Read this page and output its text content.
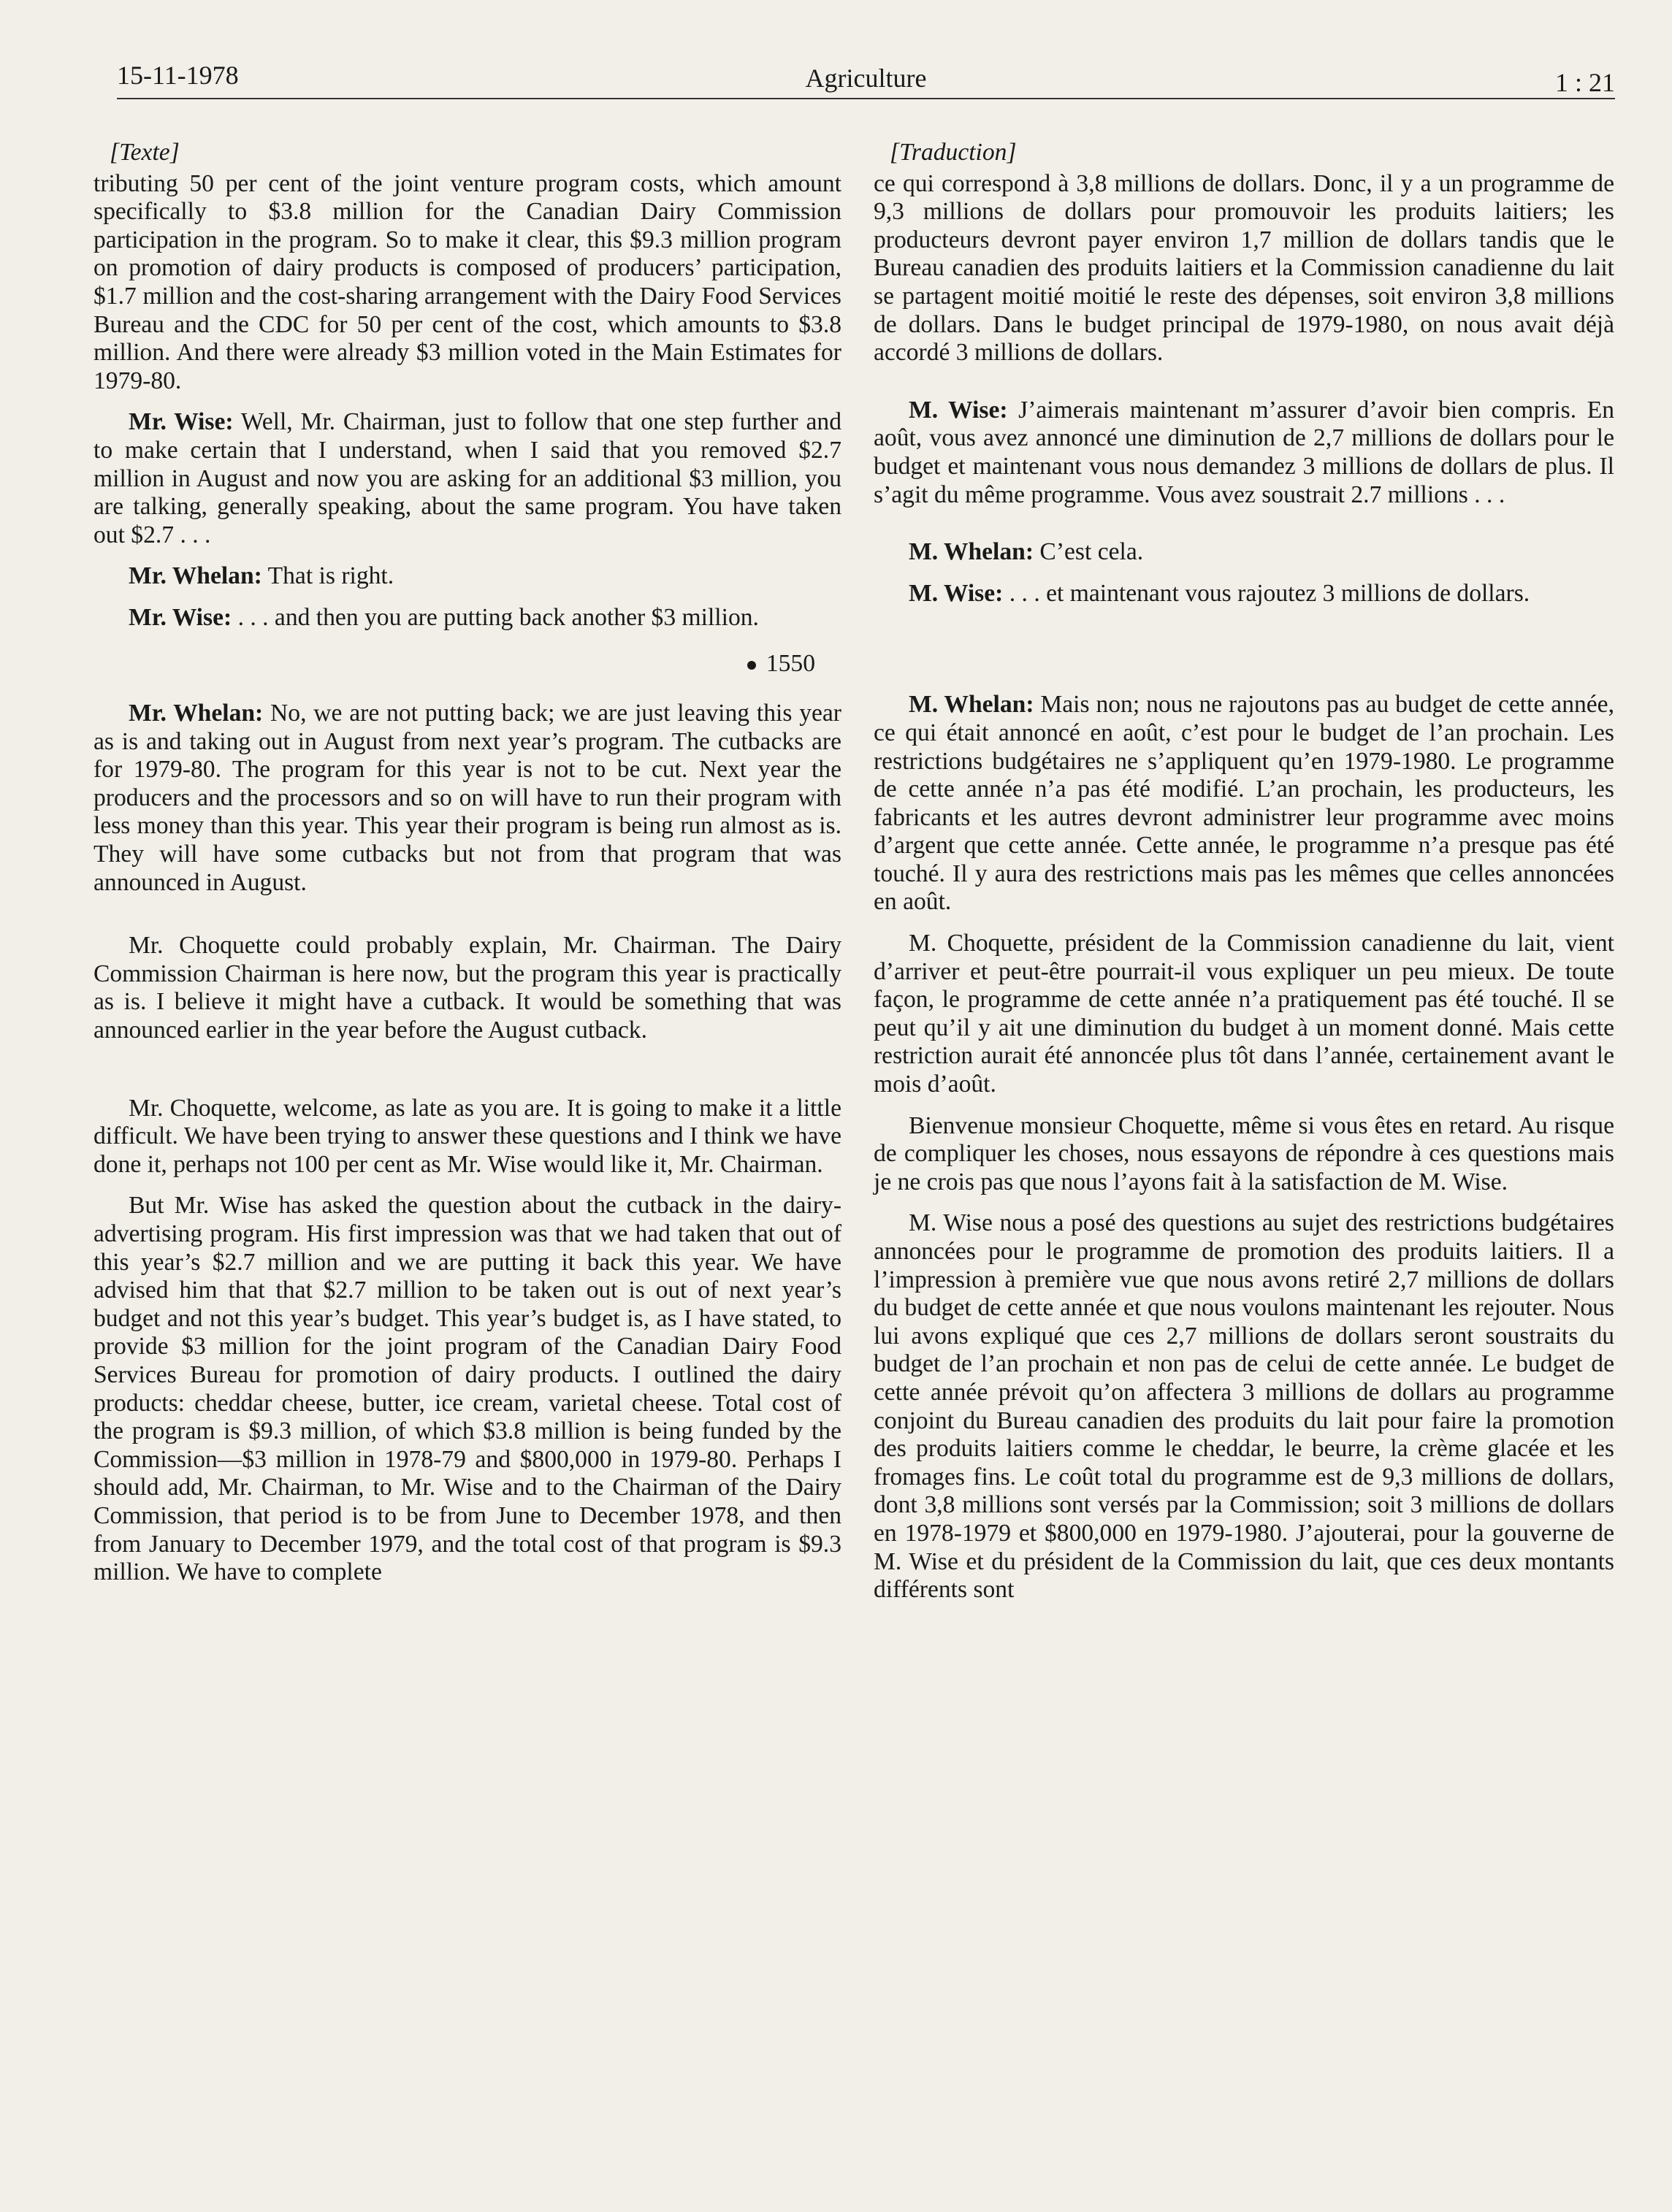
15-11-1978	Agriculture	1 : 21
[Texte]

tributing 50 per cent of the joint venture program costs, which amount specifically to $3.8 million for the Canadian Dairy Commission participation in the program. So to make it clear, this $9.3 million program on promotion of dairy products is composed of producers’ participation, $1.7 million and the cost-sharing arrangement with the Dairy Food Services Bureau and the CDC for 50 per cent of the cost, which amounts to $3.8 million. And there were already $3 million voted in the Main Estimates for 1979-80.

Mr. Wise: Well, Mr. Chairman, just to follow that one step further and to make certain that I understand, when I said that you removed $2.7 million in August and now you are asking for an additional $3 million, you are talking, generally speaking, about the same program. You have taken out $2.7 . . .

Mr. Whelan: That is right.

Mr. Wise: . . . and then you are putting back another $3 million.

1550

Mr. Whelan: No, we are not putting back; we are just leaving this year as is and taking out in August from next year’s program. The cutbacks are for 1979-80. The program for this year is not to be cut. Next year the producers and the processors and so on will have to run their program with less money than this year. This year their program is being run almost as is. They will have some cutbacks but not from that program that was announced in August.

Mr. Choquette could probably explain, Mr. Chairman. The Dairy Commission Chairman is here now, but the program this year is practically as is. I believe it might have a cutback. It would be something that was announced earlier in the year before the August cutback.

Mr. Choquette, welcome, as late as you are. It is going to make it a little difficult. We have been trying to answer these questions and I think we have done it, perhaps not 100 per cent as Mr. Wise would like it, Mr. Chairman.

But Mr. Wise has asked the question about the cutback in the dairy-advertising program. His first impression was that we had taken that out of this year’s $2.7 million and we are putting it back this year. We have advised him that that $2.7 million to be taken out is out of next year’s budget and not this year’s budget. This year’s budget is, as I have stated, to provide $3 million for the joint program of the Canadian Dairy Food Services Bureau for promotion of dairy products. I outlined the dairy products: cheddar cheese, butter, ice cream, varietal cheese. Total cost of the program is $9.3 million, of which $3.8 million is being funded by the Commission—$3 million in 1978-79 and $800,000 in 1979-80. Perhaps I should add, Mr. Chairman, to Mr. Wise and to the Chairman of the Dairy Commission, that period is to be from June to December 1978, and then from January to December 1979, and the total cost of that program is $9.3 million. We have to complete

[Traduction]

ce qui correspond à 3,8 millions de dollars. Donc, il y a un programme de 9,3 millions de dollars pour promouvoir les produits laitiers; les producteurs devront payer environ 1,7 million de dollars tandis que le Bureau canadien des produits laitiers et la Commission canadienne du lait se partagent moitié moitié le reste des dépenses, soit environ 3,8 millions de dollars. Dans le budget principal de 1979-1980, on nous avait déjà accordé 3 millions de dollars.

M. Wise: J’aimerais maintenant m’assurer d’avoir bien compris. En août, vous avez annoncé une diminution de 2,7 millions de dollars pour le budget et maintenant vous nous demandez 3 millions de dollars de plus. Il s’agit du même programme. Vous avez soustrait 2.7 millions . . .

M. Whelan: C’est cela.

M. Wise: . . . et maintenant vous rajoutez 3 millions de dollars.

M. Whelan: Mais non; nous ne rajoutons pas au budget de cette année, ce qui était annoncé en août, c’est pour le budget de l’an prochain. Les restrictions budgétaires ne s’appliquent qu’en 1979-1980. Le programme de cette année n’a pas été modifié. L’an prochain, les producteurs, les fabricants et les autres devront administrer leur programme avec moins d’argent que cette année. Cette année, le programme n’a presque pas été touché. Il y aura des restrictions mais pas les mêmes que celles annoncées en août.

M. Choquette, président de la Commission canadienne du lait, vient d’arriver et peut-être pourrait-il vous expliquer un peu mieux. De toute façon, le programme de cette année n’a pratiquement pas été touché. Il se peut qu’il y ait une diminution du budget à un moment donné. Mais cette restriction aurait été annoncée plus tôt dans l’année, certainement avant le mois d’août.

Bienvenue monsieur Choquette, même si vous êtes en retard. Au risque de compliquer les choses, nous essayons de répondre à ces questions mais je ne crois pas que nous l’ayons fait à la satisfaction de M. Wise.

M. Wise nous a posé des questions au sujet des restrictions budgétaires annoncées pour le programme de promotion des produits laitiers. Il a l’impression à première vue que nous avons retiré 2,7 millions de dollars du budget de cette année et que nous voulons maintenant les rejouter. Nous lui avons expliqué que ces 2,7 millions de dollars seront soustraits du budget de l’an prochain et non pas de celui de cette année. Le budget de cette année prévoit qu’on affectera 3 millions de dollars au programme conjoint du Bureau canadien des produits du lait pour faire la promotion des produits laitiers comme le cheddar, le beurre, la crème glacée et les fromages fins. Le coût total du programme est de 9,3 millions de dollars, dont 3,8 millions sont versés par la Commission; soit 3 millions de dollars en 1978-1979 et $800,000 en 1979-1980. J’ajouterai, pour la gouverne de M. Wise et du président de la Commission du lait, que ces deux montants différents sont
